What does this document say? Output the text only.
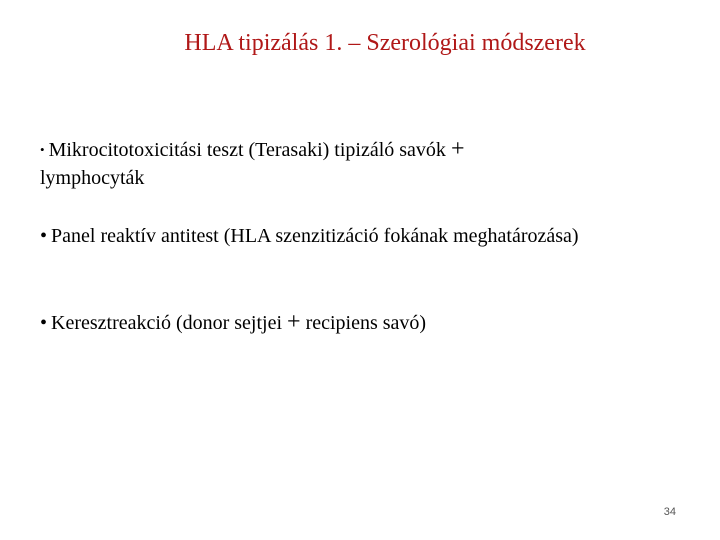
HLA tipizálás 1. – Szerológiai módszerek
• Mikrocitotoxicitási teszt (Terasaki) tipizáló savók +
lymphocyták
• Panel reaktív antitest (HLA szenzitizáció fokának meghatározása)
• Keresztreakció (donor sejtjei + recipiens savó)
34
